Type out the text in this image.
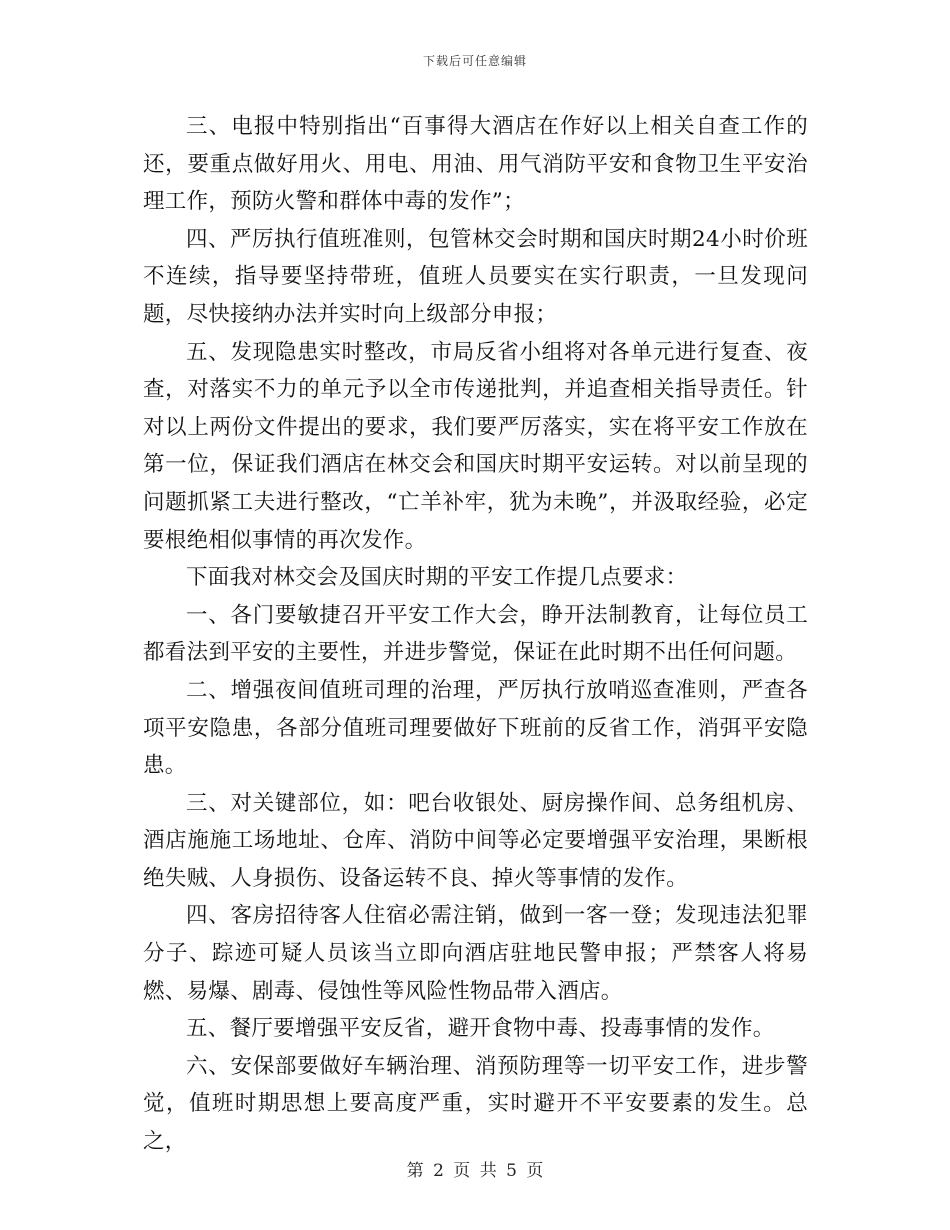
下载后可任意编辑

三、电报中特别指出“百事得大酒店在作好以上相关自查工作的还，要重点做好用火、用电、用油、用气消防平安和食物卫生平安治理工作，预防火警和群体中毒的发作”；

四、严厉执行值班准则，包管林交会时期和国庆时期24小时价班不连续，指导要坚持带班，值班人员要实在实行职责，一旦发现问题，尽快接纳办法并实时向上级部分申报；

五、发现隐患实时整改，市局反省小组将对各单元进行复查、夜查，对落实不力的单元予以全市传递批判，并追查相关指导责任。针对以上两份文件提出的要求，我们要严厉落实，实在将平安工作放在第一位，保证我们酒店在林交会和国庆时期平安运转。对以前呈现的问题抓紧工夫进行整改，“亡羊补牢，犹为未晚”，并汲取经验，必定要根绝相似事情的再次发作。

下面我对林交会及国庆时期的平安工作提几点要求：

一、各门要敏捷召开平安工作大会，睁开法制教育，让每位员工都看法到平安的主要性，并进步警觉，保证在此时期不出任何问题。

二、增强夜间值班司理的治理，严厉执行放哨巡查准则，严查各项平安隐患，各部分值班司理要做好下班前的反省工作，消弭平安隐患。

三、对关键部位，如：吧台收银处、厨房操作间、总务组机房、酒店施施工场地址、仓库、消防中间等必定要增强平安治理，果断根绝失贼、人身损伤、设备运转不良、掉火等事情的发作。

四、客房招待客人住宿必需注销，做到一客一登；发现违法犯罪分子、踪迹可疑人员该当立即向酒店驻地民警申报；严禁客人将易燃、易爆、剧毒、侵蚀性等风险性物品带入酒店。

五、餐厅要增强平安反省，避开食物中毒、投毒事情的发作。

六、安保部要做好车辆治理、消预防理等一切平安工作，进步警觉，值班时期思想上要高度严重，实时避开不平安要素的发生。总之，

第 2 页 共 5 页
